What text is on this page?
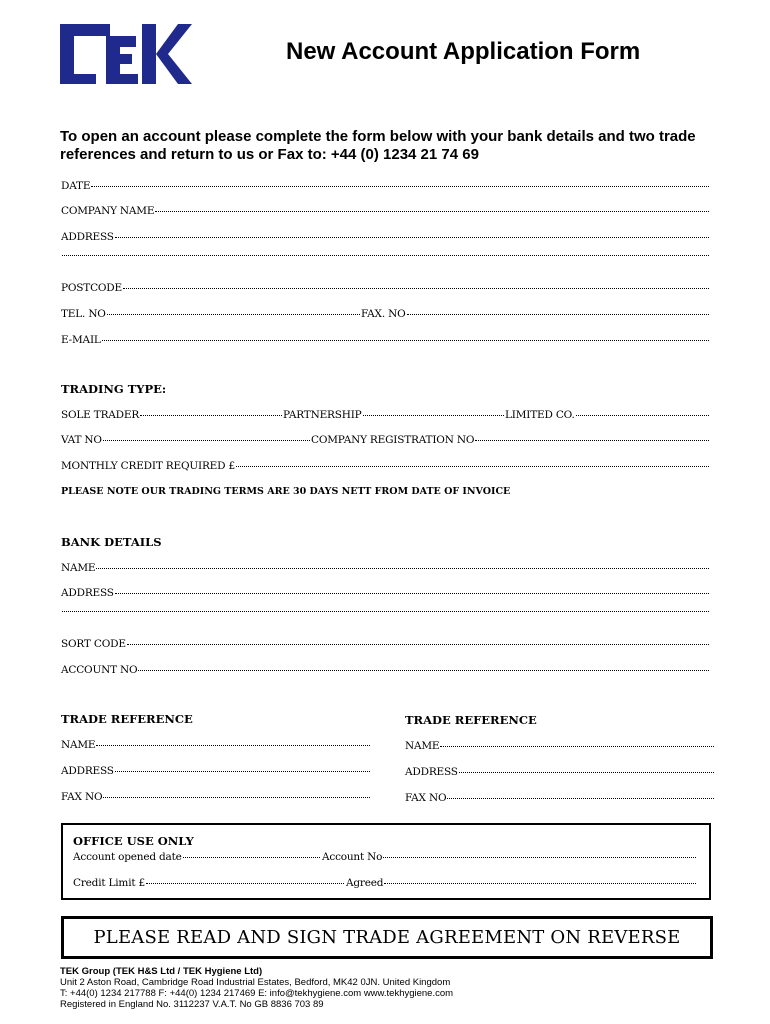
New Account Application Form
To open an account please complete the form below with your bank details and two trade references and return to us or Fax to: +44 (0) 1234 21 74 69
DATE
COMPANY NAME
ADDRESS
POSTCODE
TEL. NO	FAX. NO
E-MAIL
TRADING TYPE:
SOLE TRADER	PARTNERSHIP	LIMITED CO.
VAT NO	COMPANY REGISTRATION NO
MONTHLY CREDIT REQUIRED £
PLEASE NOTE OUR TRADING TERMS ARE 30 DAYS NETT FROM DATE OF INVOICE
BANK DETAILS
NAME
ADDRESS
SORT CODE
ACCOUNT NO
TRADE REFERENCE	TRADE REFERENCE
NAME	NAME
ADDRESS	ADDRESS
FAX NO	FAX NO
OFFICE USE ONLY
Account opened date	Account No
Credit Limit £	Agreed
PLEASE READ AND SIGN TRADE AGREEMENT ON REVERSE
TEK Group (TEK H&S Ltd / TEK Hygiene Ltd)
Unit 2 Aston Road, Cambridge Road Industrial Estates, Bedford, MK42 0JN. United Kingdom
T: +44(0) 1234 217788 F: +44(0) 1234 217469 E: info@tekhygiene.com www.tekhygiene.com
Registered in England No. 3112237 V.A.T. No GB 8836 703 89
